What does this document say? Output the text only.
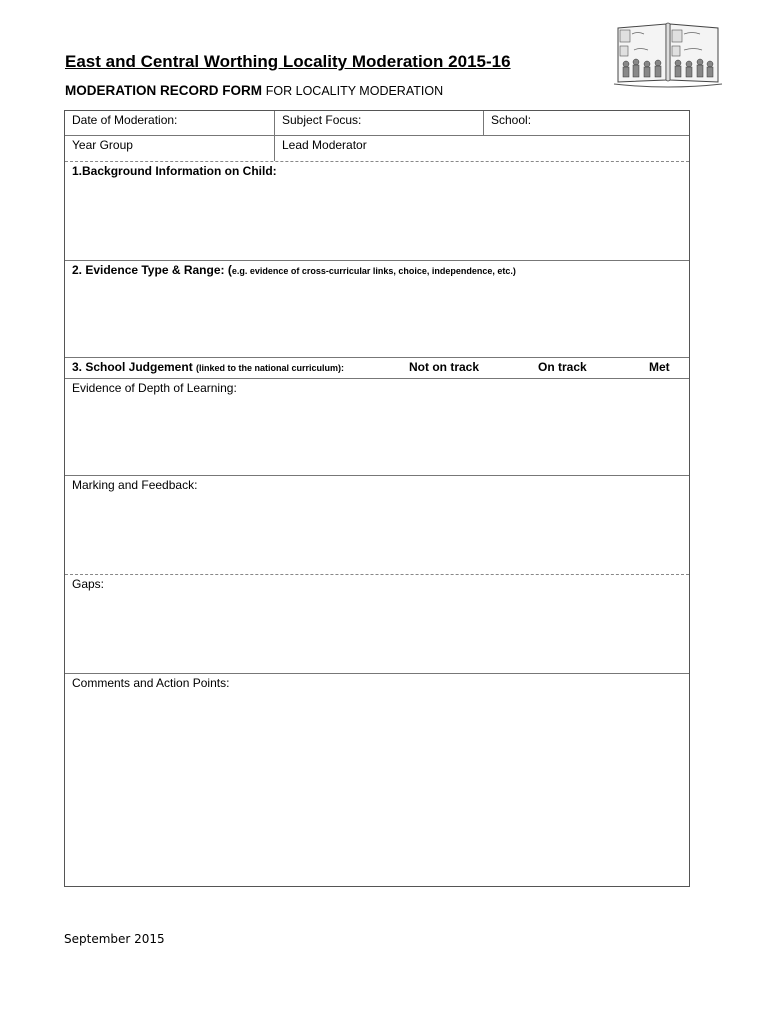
East and Central Worthing Locality Moderation 2015-16

MODERATION RECORD FORM FOR LOCALITY MODERATION

Date of Moderation:	Subject Focus:	School:
Year Group	Lead Moderator
1.Background Information on Child:
2. Evidence Type & Range: (e.g. evidence of cross-curricular links, choice, independence, etc.)
3. School Judgement (linked to the national curriculum):	Not on track	On track	Met
Evidence of Depth of Learning:
Marking and Feedback:
Gaps:
Comments and Action Points:
September 2015
